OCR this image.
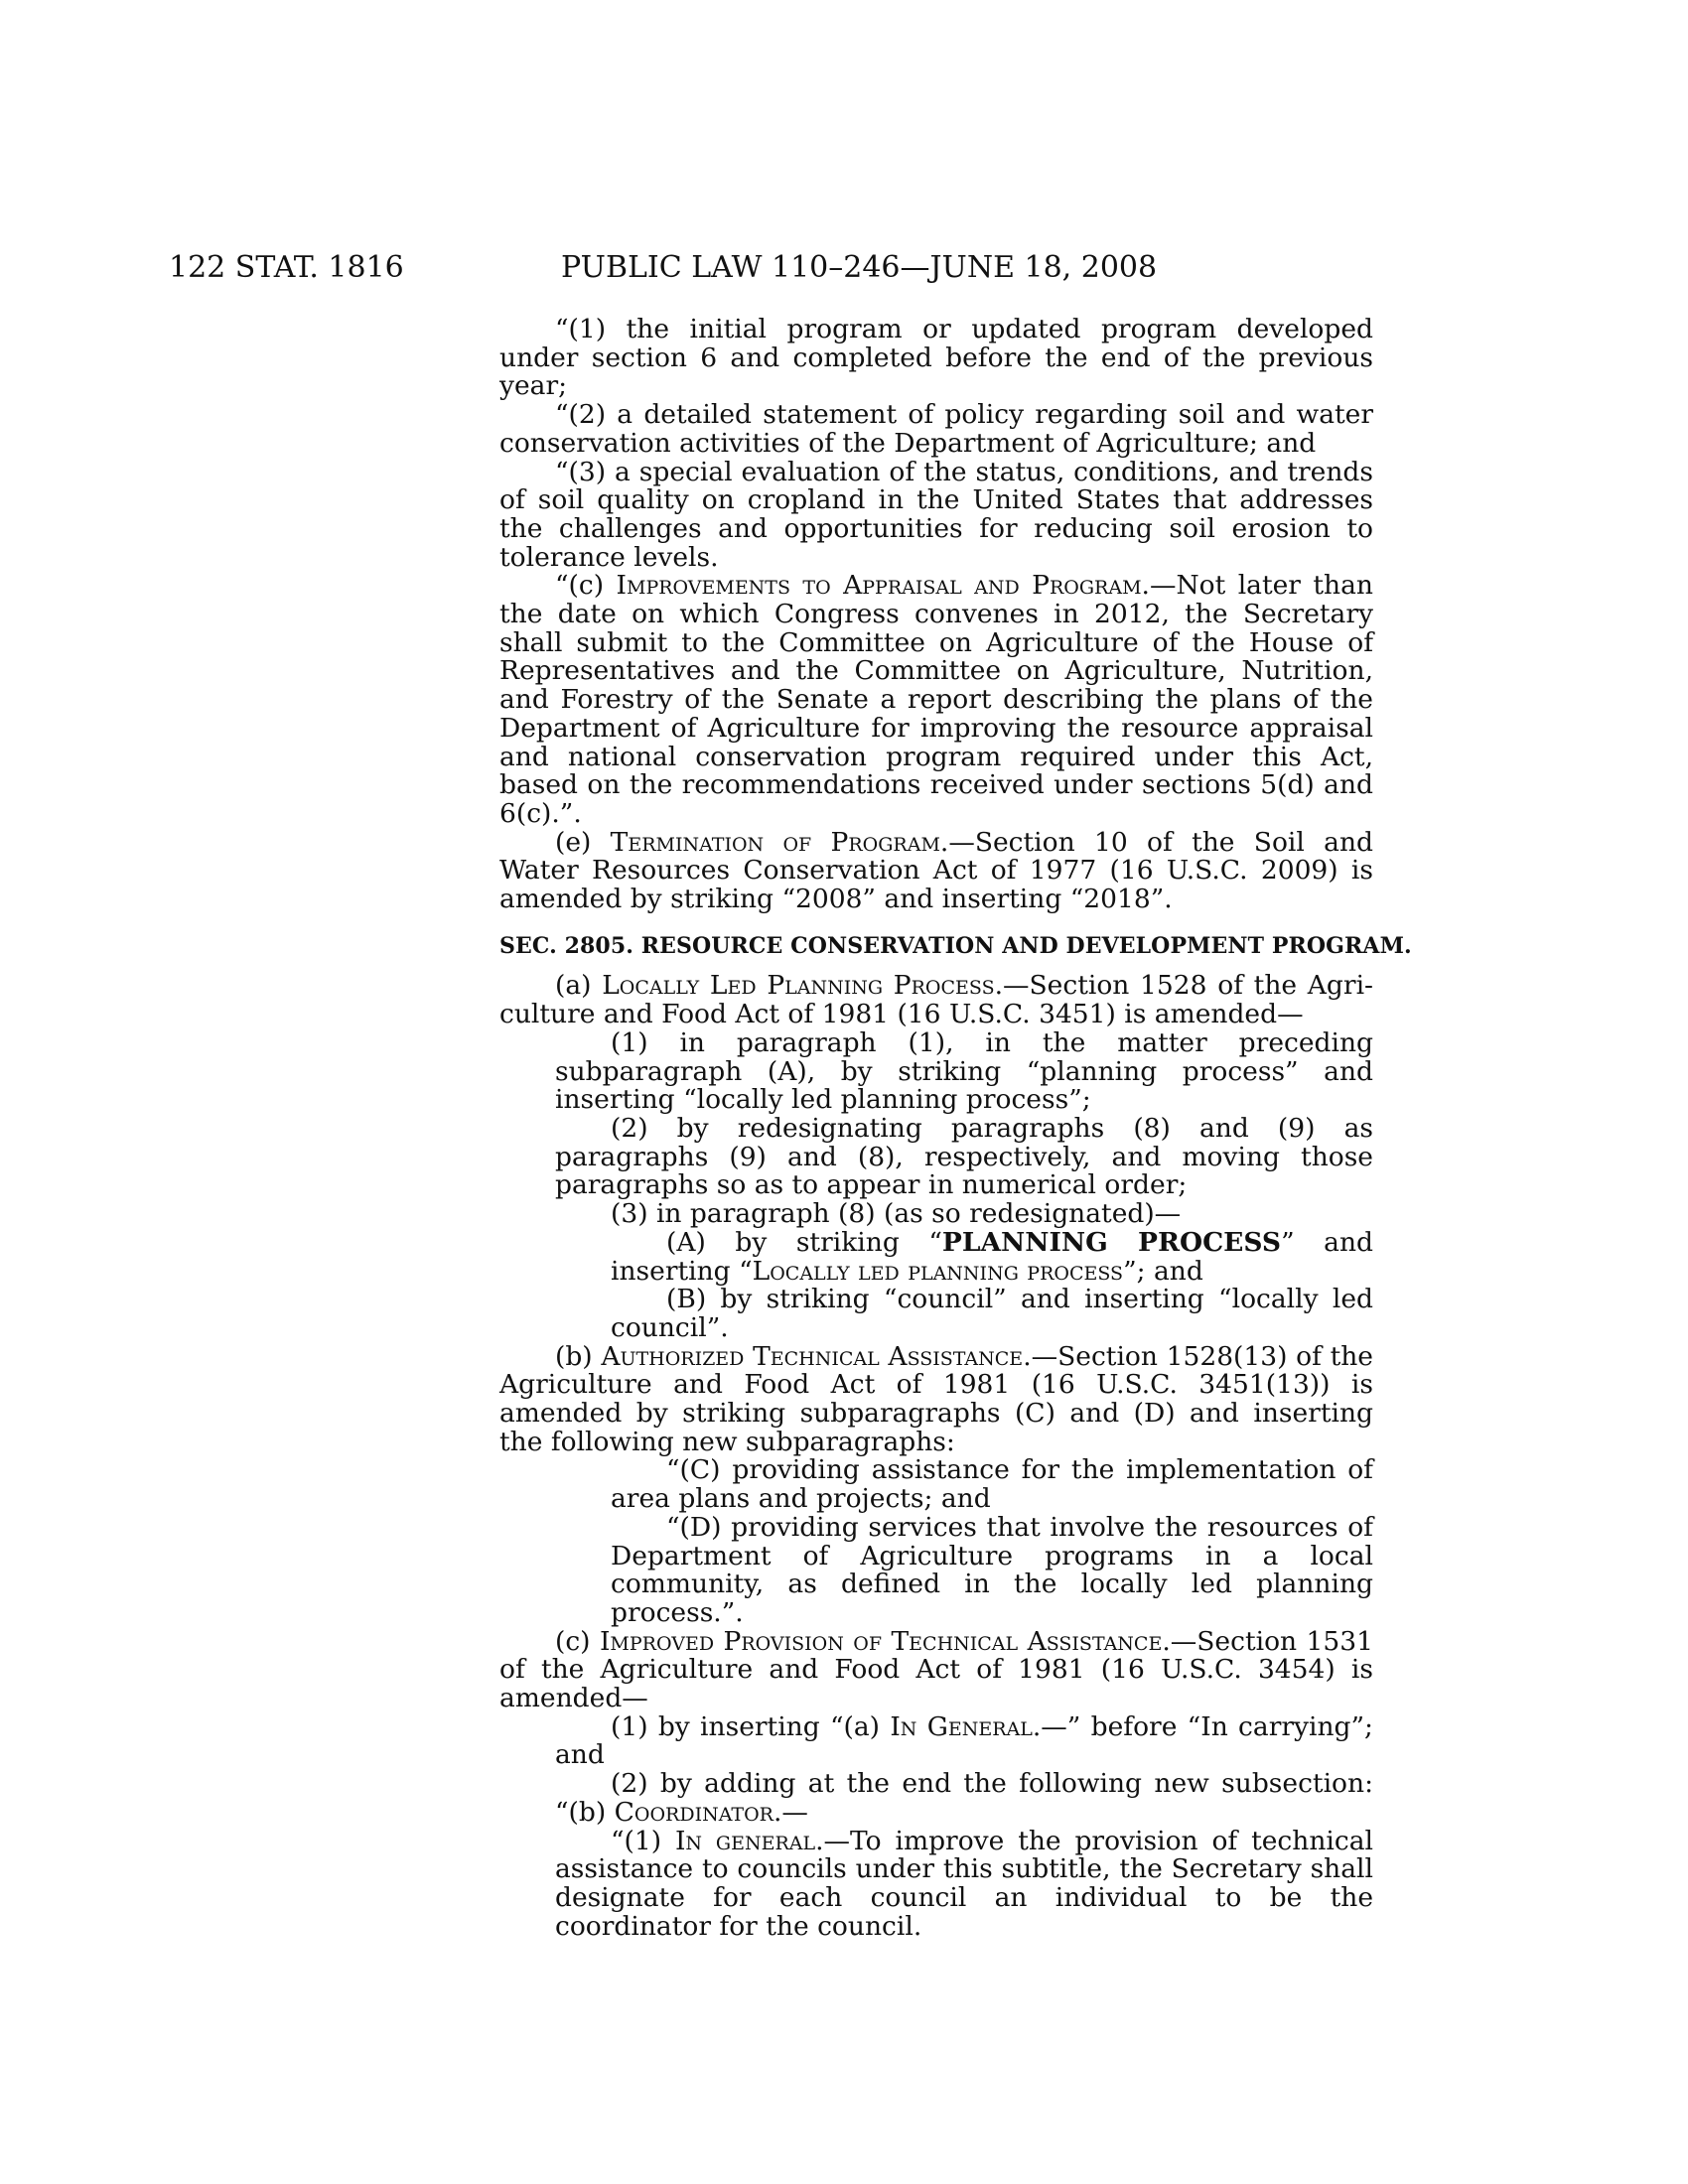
122 STAT. 1816	PUBLIC LAW 110–246—JUNE 18, 2008

“(1) the initial program or updated program developed under section 6 and completed before the end of the previous year;

“(2) a detailed statement of policy regarding soil and water conservation activities of the Department of Agriculture; and

“(3) a special evaluation of the status, conditions, and trends of soil quality on cropland in the United States that addresses the challenges and opportunities for reducing soil erosion to tolerance levels.

“(c) Improvements to Appraisal and Program.—Not later than the date on which Congress convenes in 2012, the Secretary shall submit to the Committee on Agriculture of the House of Representatives and the Committee on Agriculture, Nutrition, and Forestry of the Senate a report describing the plans of the Department of Agriculture for improving the resource appraisal and national conservation program required under this Act, based on the recommendations received under sections 5(d) and 6(c).”.

(e) Termination of Program.—Section 10 of the Soil and Water Resources Conservation Act of 1977 (16 U.S.C. 2009) is amended by striking “2008” and inserting “2018”.

SEC. 2805. RESOURCE CONSERVATION AND DEVELOPMENT PROGRAM.

(a) Locally Led Planning Process.—Section 1528 of the Agriculture and Food Act of 1981 (16 U.S.C. 3451) is amended—

(1) in paragraph (1), in the matter preceding subparagraph (A), by striking “planning process” and inserting “locally led planning process”;

(2) by redesignating paragraphs (8) and (9) as paragraphs (9) and (8), respectively, and moving those paragraphs so as to appear in numerical order;

(3) in paragraph (8) (as so redesignated)—

(A) by striking “PLANNING PROCESS” and inserting “Locally led planning process”; and

(B) by striking “council” and inserting “locally led council”.

(b) Authorized Technical Assistance.—Section 1528(13) of the Agriculture and Food Act of 1981 (16 U.S.C. 3451(13)) is amended by striking subparagraphs (C) and (D) and inserting the following new subparagraphs:

“(C) providing assistance for the implementation of area plans and projects; and

“(D) providing services that involve the resources of Department of Agriculture programs in a local community, as defined in the locally led planning process.”.

(c) Improved Provision of Technical Assistance.—Section 1531 of the Agriculture and Food Act of 1981 (16 U.S.C. 3454) is amended—

(1) by inserting “(a) In General.—” before “In carrying”; and

(2) by adding at the end the following new subsection: “(b) Coordinator.—

“(1) In general.—To improve the provision of technical assistance to councils under this subtitle, the Secretary shall designate for each council an individual to be the coordinator for the council.
